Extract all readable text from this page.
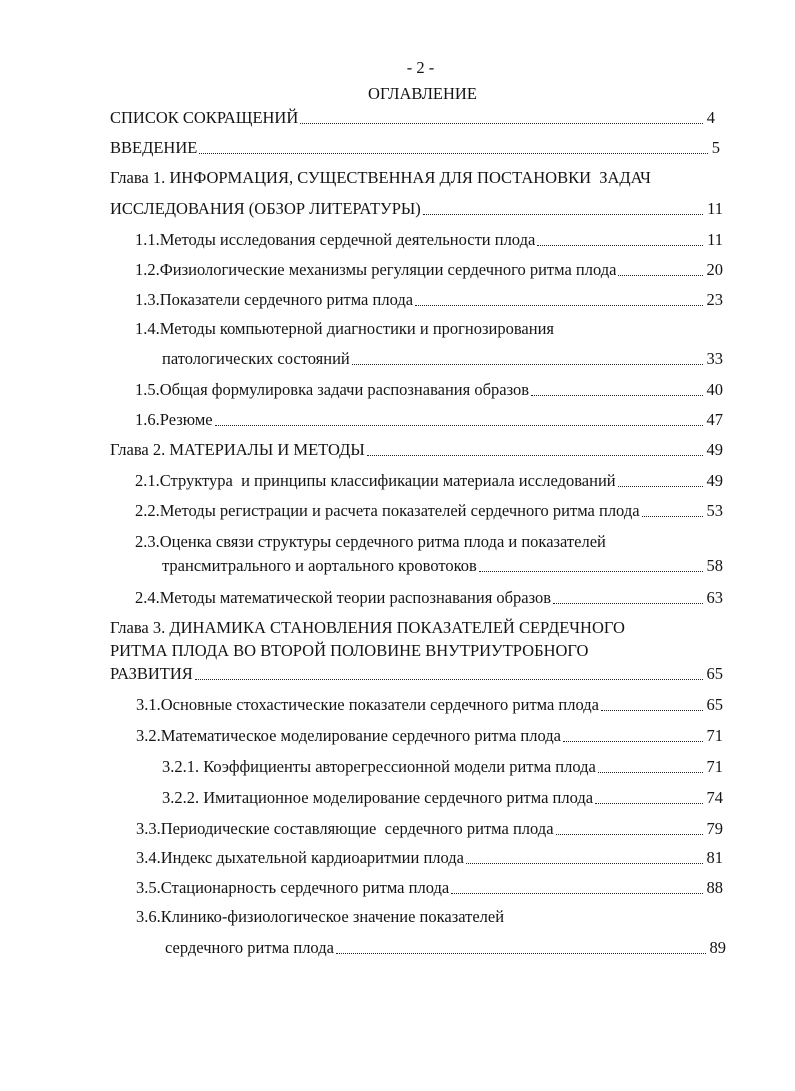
- 2 -
ОГЛАВЛЕНИЕ
СПИСОК СОКРАЩЕНИЙ	4
ВВЕДЕНИЕ	5
Глава 1. ИНФОРМАЦИЯ, СУЩЕСТВЕННАЯ ДЛЯ ПОСТАНОВКИ  ЗАДАЧ
ИССЛЕДОВАНИЯ (ОБЗОР ЛИТЕРАТУРЫ)	11
1.1.Методы исследования сердечной деятельности плода	11
1.2.Физиологические механизмы регуляции сердечного ритма плода	20
1.3.Показатели сердечного ритма плода	23
1.4.Методы компьютерной диагностики и прогнозирования
патологических состояний	33
1.5.Общая формулировка задачи распознавания образов	40
1.6.Резюме	47
Глава 2. МАТЕРИАЛЫ И МЕТОДЫ	49
2.1.Структура  и принципы классификации материала исследований	49
2.2.Методы регистрации и расчета показателей сердечного ритма плода	53
2.3.Оценка связи структуры сердечного ритма плода и показателей
трансмитрального и аортального кровотоков	58
2.4.Методы математической теории распознавания образов	63
Глава 3. ДИНАМИКА СТАНОВЛЕНИЯ ПОКАЗАТЕЛЕЙ СЕРДЕЧНОГО
РИТМА ПЛОДА ВО ВТОРОЙ ПОЛОВИНЕ ВНУТРИУТРОБНОГО
РАЗВИТИЯ	65
3.1.Основные стохастические показатели сердечного ритма плода	65
3.2.Математическое моделирование сердечного ритма плода	71
3.2.1. Коэффициенты авторегрессионной модели ритма плода	71
3.2.2. Имитационное моделирование сердечного ритма плода	74
3.3.Периодические составляющие  сердечного ритма плода	79
3.4.Индекс дыхательной кардиоаритмии плода	81
3.5.Стационарность сердечного ритма плода	88
3.6.Клинико-физиологическое значение показателей
сердечного ритма плода	89
